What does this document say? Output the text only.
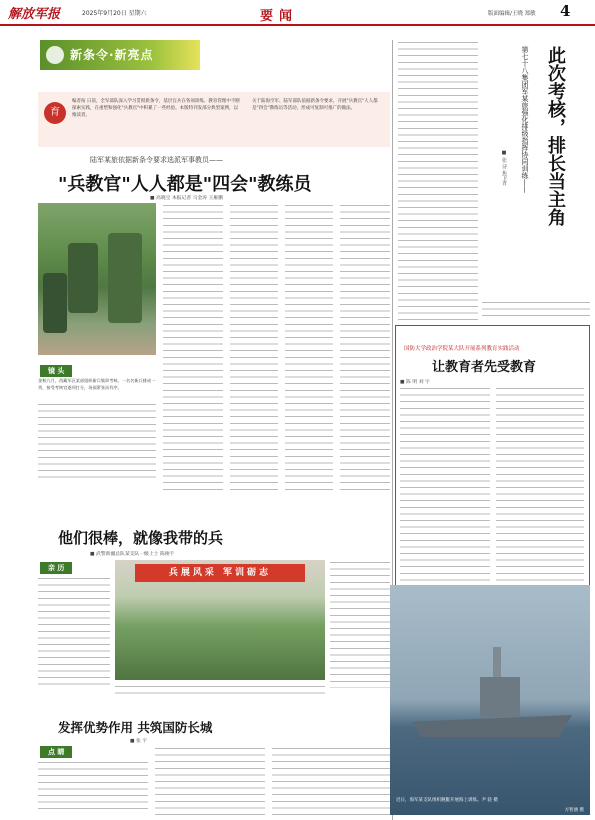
解放军报	2025年9月20日 星期六	要闻	版面编辑/王晓 郑敏 4
新条令·新亮点
育

编者按 日前，全军部队深入学习贯彻新条令，基层官兵在各项训练、教育管理中不断探索实践，在重塑和强化"兵教官"中积累了一些经验。本版特刊发部分典型案例，以飨读者。

关于陆海空军、陆军部队依据新条令要求，开展"兵教官"人人都是"四会"教练员等活动，形成可复制可推广的做法。

陆军某旅依据新条令要求选派军事教员——
"兵教官"人人都是"四会"教练员
■ 高晓宝 本报记者 马金涛 王雁鹏
镜 头
金秋九月，西藏军区某部组织新兵集训考核。一名名新兵排成一列，接受考核官逐项打分，场面紧张而有序。
他们很棒，就像我带的兵
■ 武警新疆总队某支队一级上士 陈俊宇
亲 历	兵展风采 军训砺志
发挥优势作用 共筑国防长城
■ 张 宇
点 睛
第七十八集团军某旅强化排级指挥协同训练—— 此次考核，排长当主角
■ 张 诗 焦卫青
国防大学政治学院某大队开展系列教育实践活动
让教育者先受教育
■ 陈 明 刘 宇
近日，海军某支队组织舰艇开展海上训练。尹 骁 摄
方智涵 摄
